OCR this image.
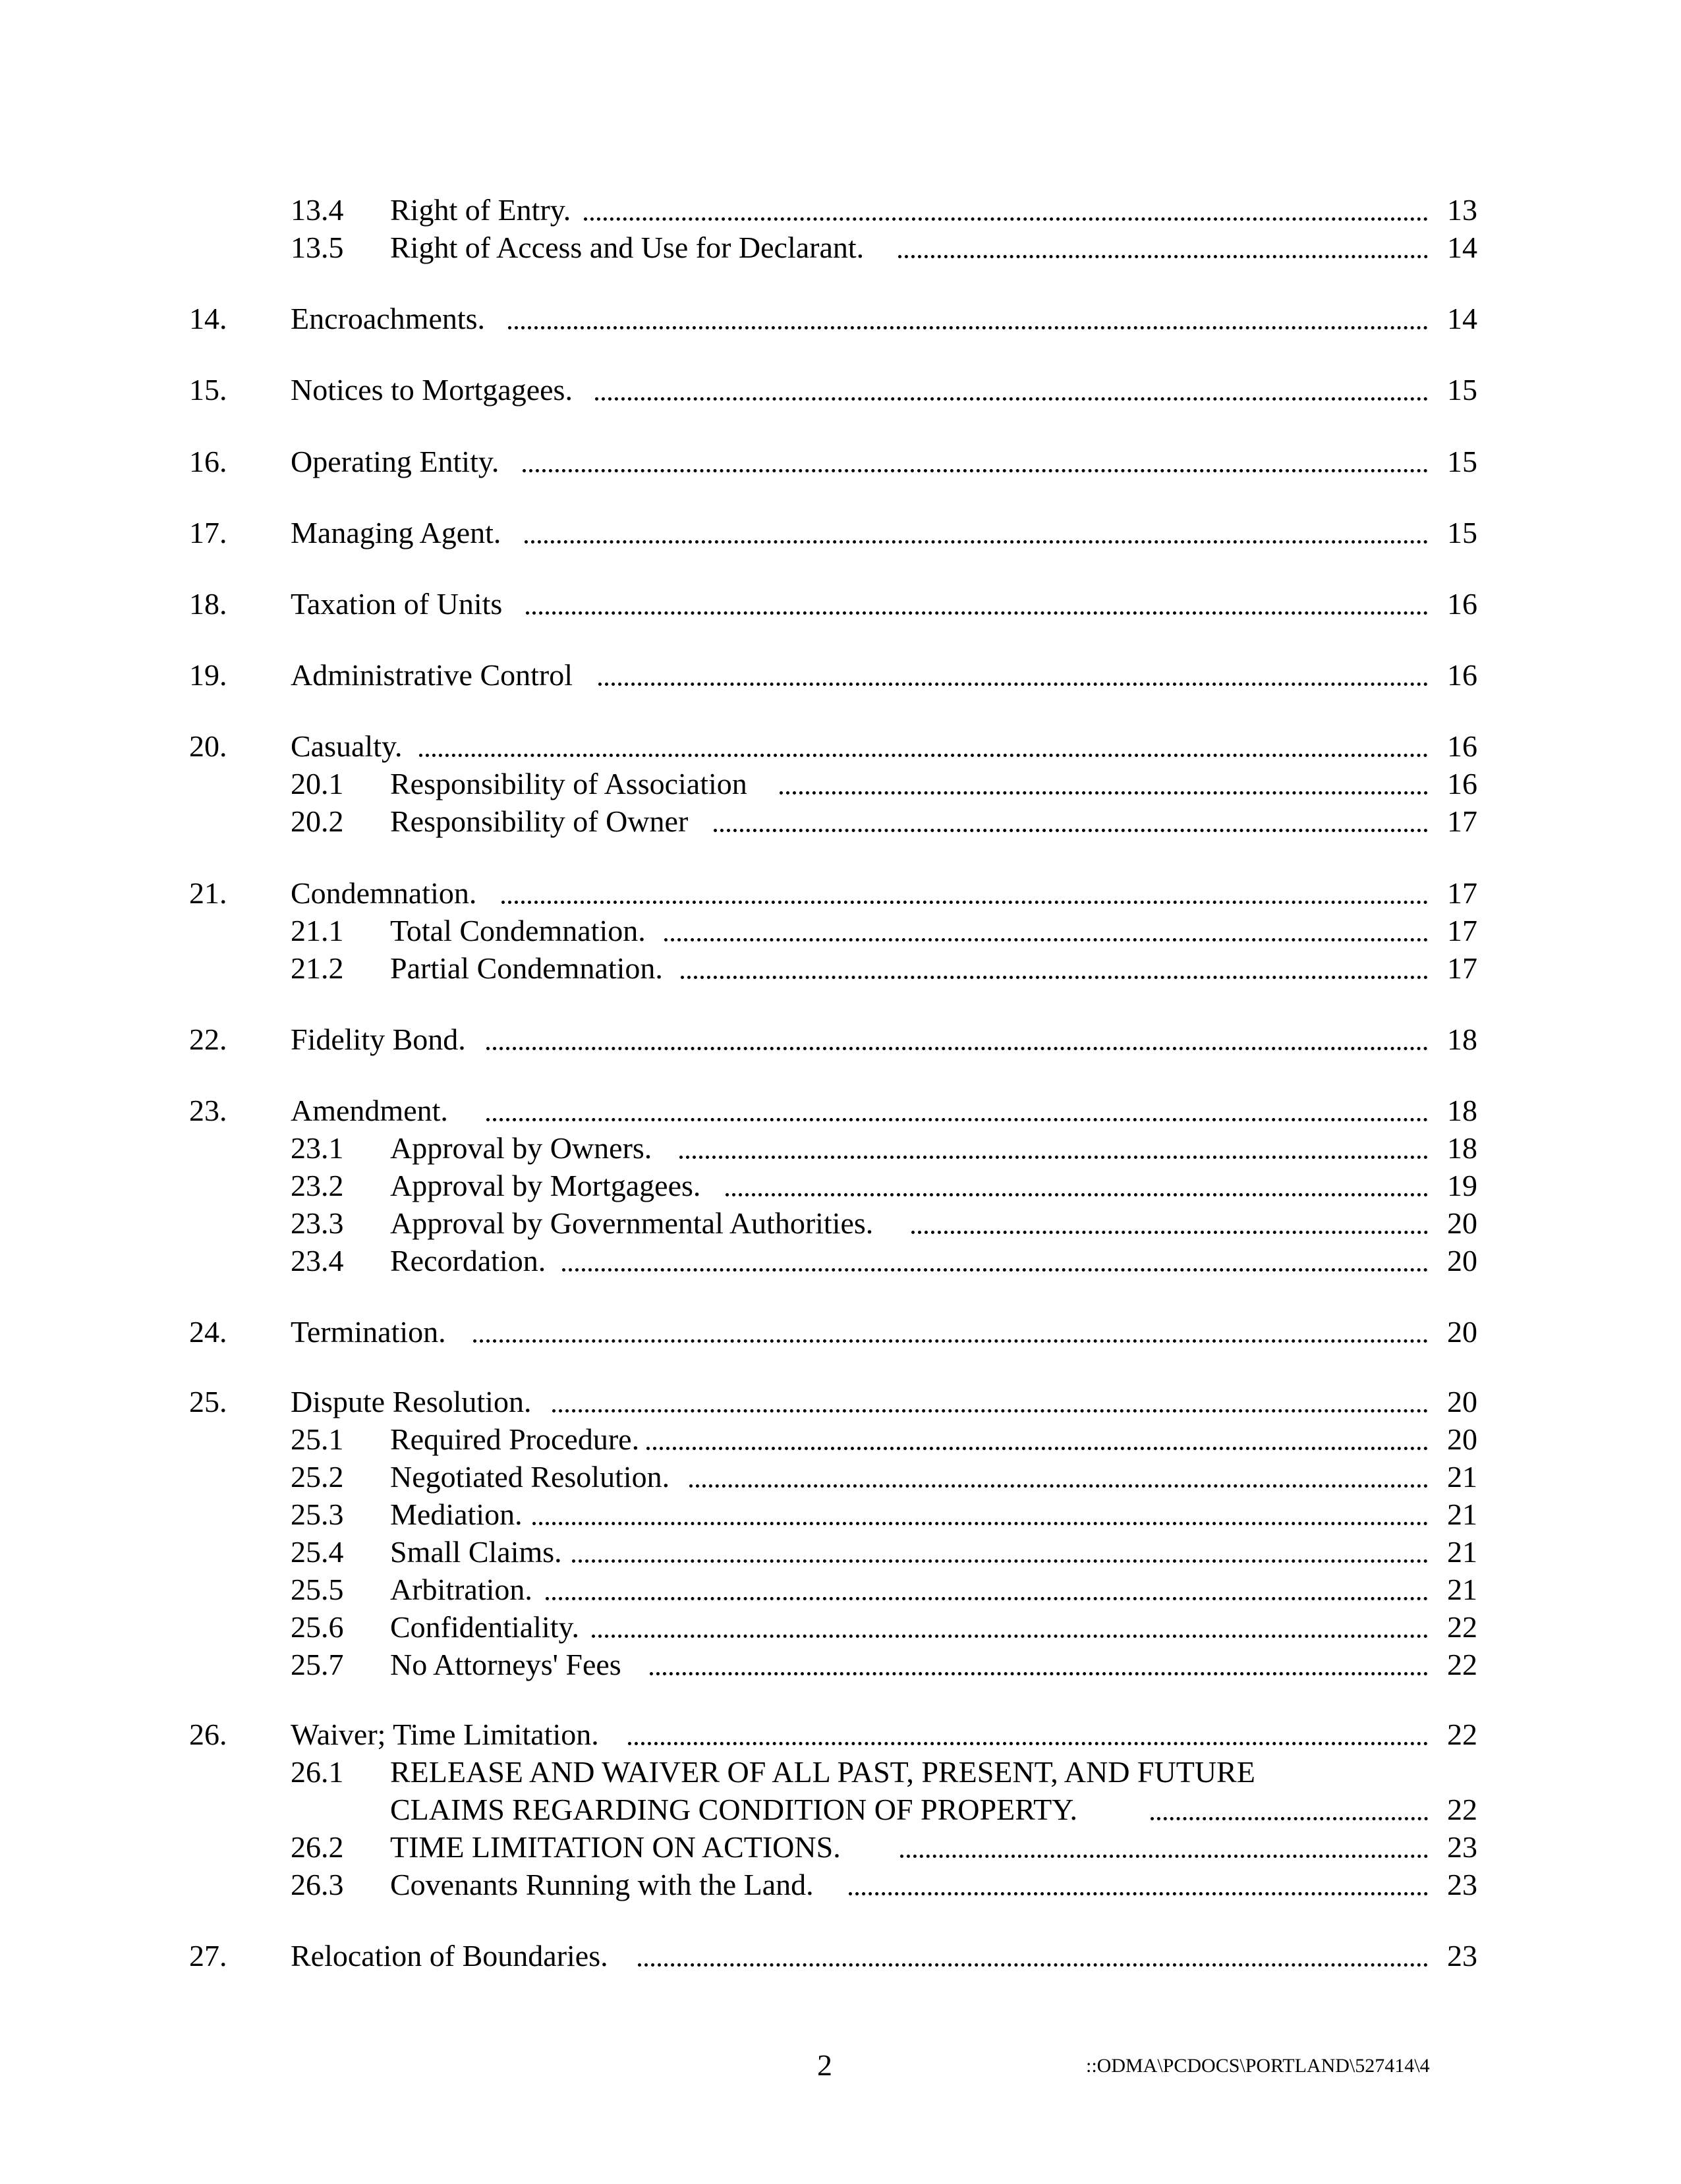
13.4 Right of Entry.	13
13.5 Right of Access and Use for Declarant.	14
14. Encroachments.	14
15. Notices to Mortgagees.	15
16. Operating Entity.	15
17. Managing Agent.	15
18. Taxation of Units	16
19. Administrative Control	16
20. Casualty.	16
20.1 Responsibility of Association	16
20.2 Responsibility of Owner	17
21. Condemnation.	17
21.1 Total Condemnation.	17
21.2 Partial Condemnation.	17
22. Fidelity Bond.	18
23. Amendment.	18
23.1 Approval by Owners.	18
23.2 Approval by Mortgagees.	19
23.3 Approval by Governmental Authorities.	20
23.4 Recordation.	20
24. Termination.	20
25. Dispute Resolution.	20
25.1 Required Procedure.	20
25.2 Negotiated Resolution.	21
25.3 Mediation.	21
25.4 Small Claims.	21
25.5 Arbitration.	21
25.6 Confidentiality.	22
25.7 No Attorneys' Fees	22
26. Waiver; Time Limitation.	22
26.1 RELEASE AND WAIVER OF ALL PAST, PRESENT, AND FUTURE
CLAIMS REGARDING CONDITION OF PROPERTY.	22
26.2 TIME LIMITATION ON ACTIONS.	23
26.3 Covenants Running with the Land.	23
27. Relocation of Boundaries.	23
2	::ODMA\PCDOCS\PORTLAND\527414\4
